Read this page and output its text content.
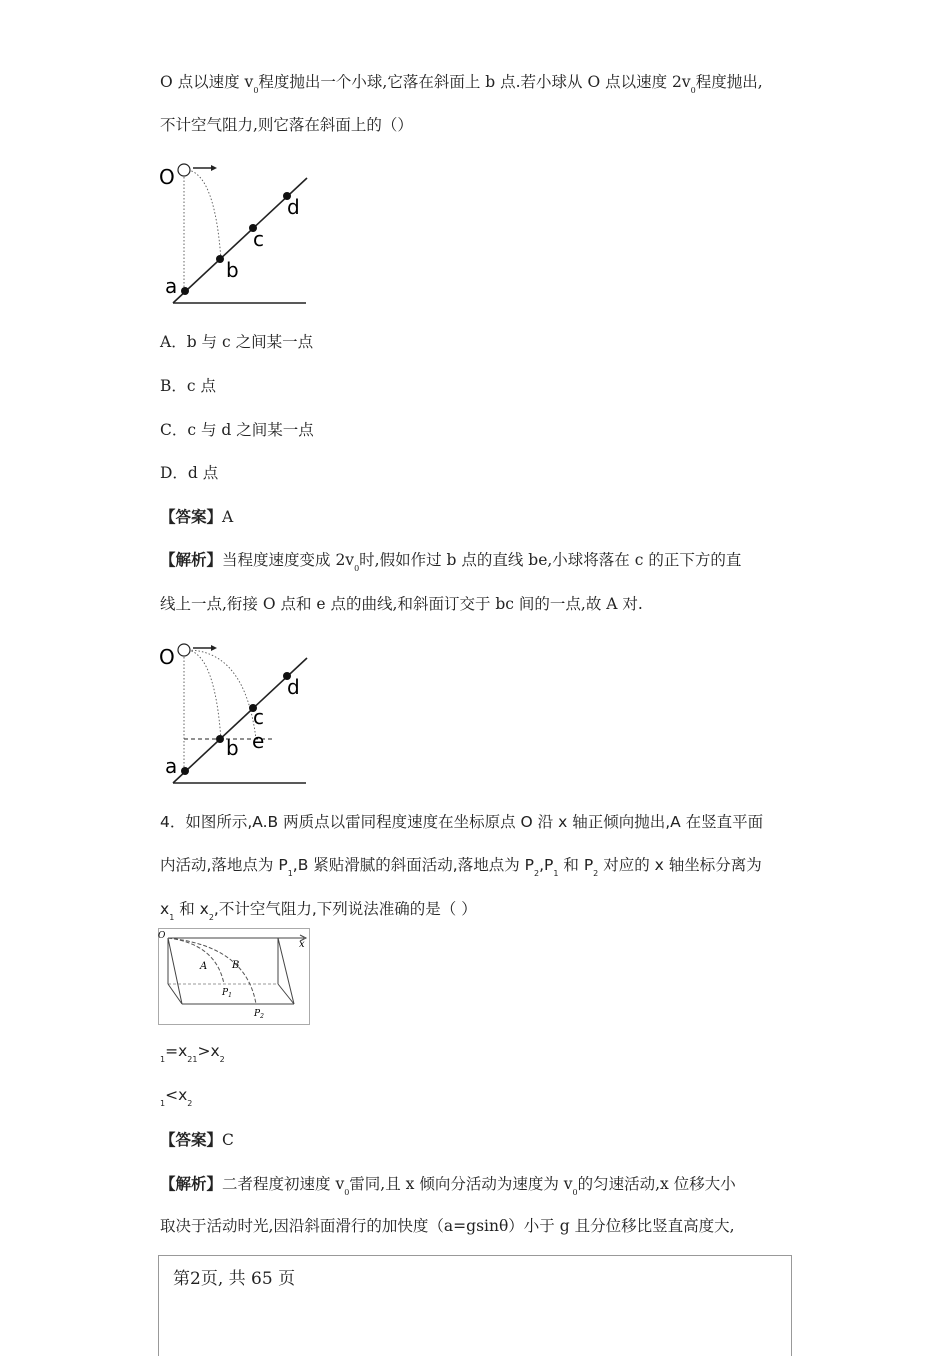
O 点以速度 $v_0$程度抛出一个小球,它落在斜面上 b 点.若小球从 O 点以速度 $2v_0$程度抛出,
不计空气阻力,则它落在斜面上的（）
O
a
b
c
d
A．b 与 c 之间某一点
B．c 点
C．c 与 d 之间某一点
D．d 点
【答案】A
【解析】当程度速度变成 $2v_0$时,假如作过 b 点的直线 be,小球将落在 c 的正下方的直
线上一点,衔接 O 点和 e 点的曲线,和斜面订交于 bc 间的一点,故 A 对.
O
a
b
c
d
e
4．如图所示,A.B 两质点以雷同程度速度在坐标原点 O 沿 x 轴正倾向抛出,A 在竖直平面
内活动,落地点为 $P_1,B$ 紧贴滑腻的斜面活动,落地点为 $P_2,P_1$ 和 $P_2$ 对应的 x 轴坐标分离为
$x_1$ 和 $x_2$,不计空气阻力,下列说法准确的是（ ）
O
x
A B
$P_1$
$P_2$
$_1=x_{21}>x_2$
$_1<x_2$
【答案】C
【解析】二者程度初速度 $v_0$雷同,且 x 倾向分活动为速度为 $v_0$的匀速活动,x 位移大小
取决于活动时光,因沿斜面滑行的加快度（a=gsinθ）小于 g 且分位移比竖直高度大,
第2页, 共 65 页
